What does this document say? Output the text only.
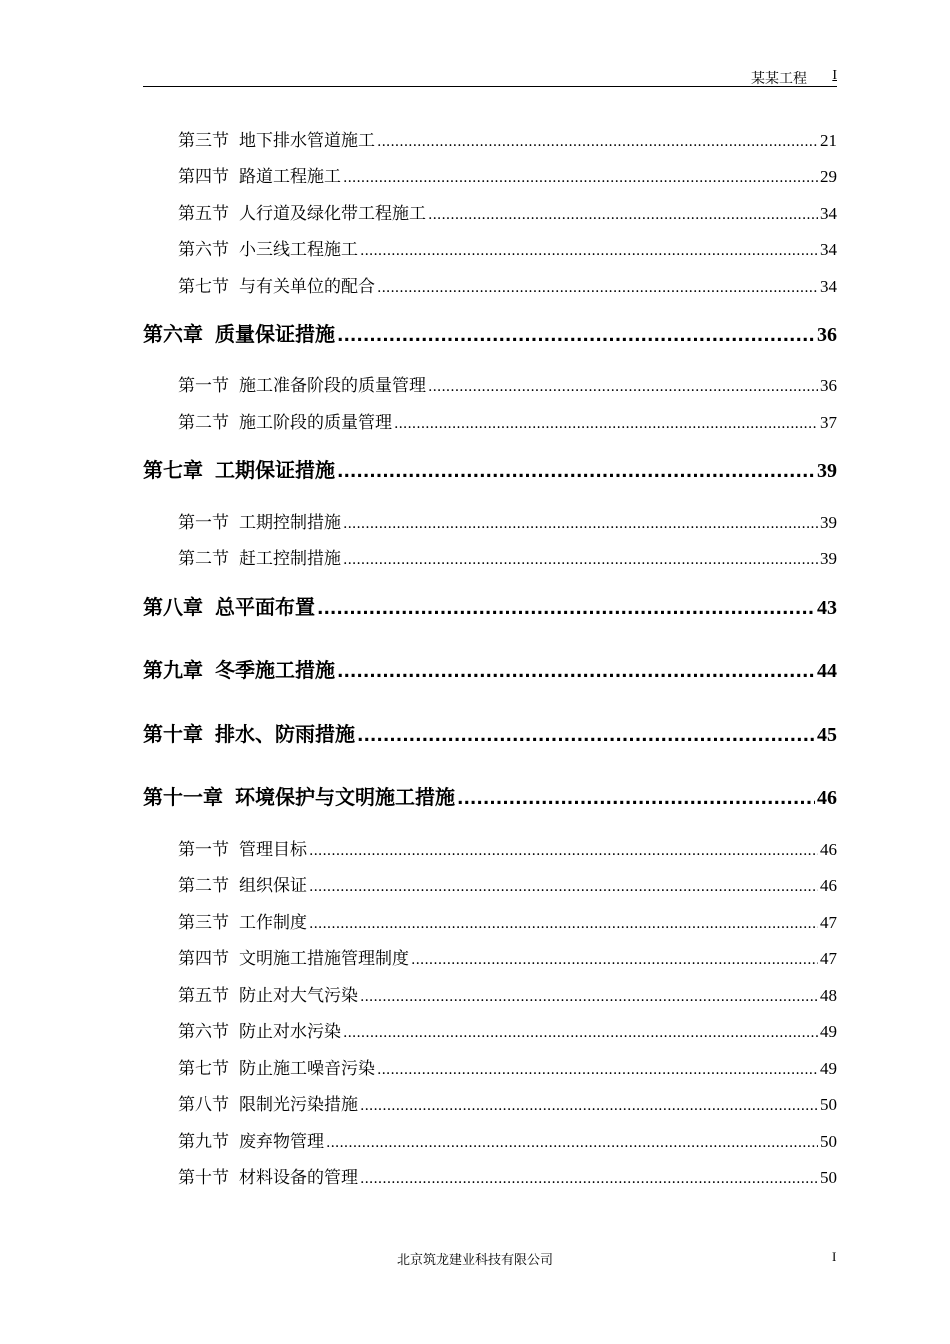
某某工程 I
第三节 地下排水管道施工 .....	21
第四节 路道工程施工 .....	29
第五节 人行道及绿化带工程施工 .....	34
第六节 小三线工程施工 .....	34
第七节 与有关单位的配合 .....	34
第六章 质量保证措施 .....	36
第一节 施工准备阶段的质量管理 .....	36
第二节 施工阶段的质量管理 .....	37
第七章 工期保证措施 .....	39
第一节 工期控制措施 .....	39
第二节 赶工控制措施 .....	39
第八章 总平面布置 .....	43
第九章 冬季施工措施 .....	44
第十章 排水、防雨措施 .....	45
第十一章 环境保护与文明施工措施 .....	46
第一节 管理目标 .....	46
第二节 组织保证 .....	46
第三节 工作制度 .....	47
第四节 文明施工措施管理制度 .....	47
第五节 防止对大气污染 .....	48
第六节 防止对水污染 .....	49
第七节 防止施工噪音污染 .....	49
第八节 限制光污染措施 .....	50
第九节 废弃物管理 .....	50
第十节 材料设备的管理 .....	50
北京筑龙建业科技有限公司	I
